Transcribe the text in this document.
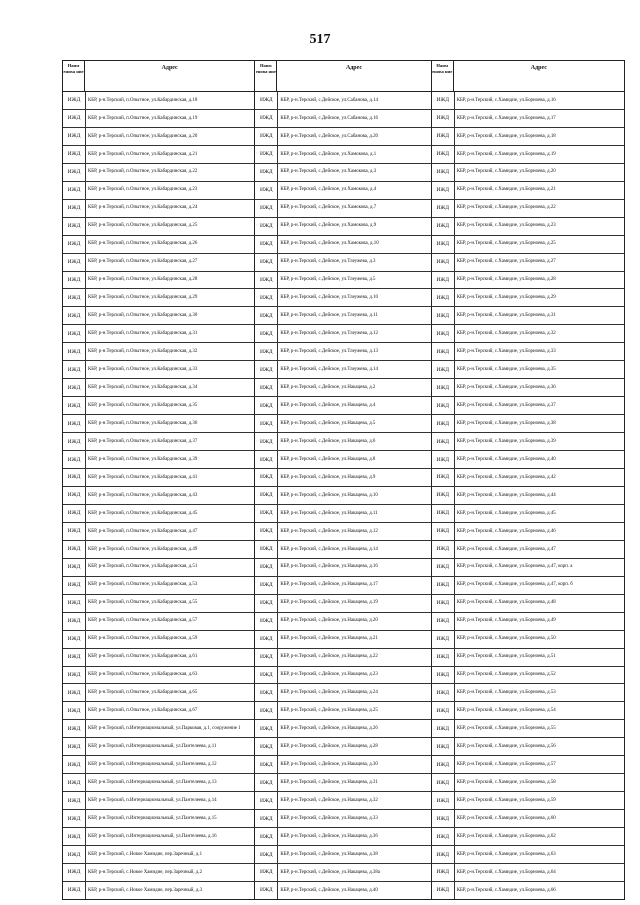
517
Наим енова ние
Адрес
ИЖД	КБР, р-н.Терский, п.Опытное, ул.Кабардинская, д.18
ИЖД	КБР, р-н.Терский, п.Опытное, ул.Кабардинская, д.19
ИЖД	КБР, р-н.Терский, п.Опытное, ул.Кабардинская, д.20
ИЖД	КБР, р-н.Терский, п.Опытное, ул.Кабардинская, д.21
ИЖД	КБР, р-н.Терский, п.Опытное, ул.Кабардинская, д.22
ИЖД	КБР, р-н.Терский, п.Опытное, ул.Кабардинская, д.23
ИЖД	КБР, р-н.Терский, п.Опытное, ул.Кабардинская, д.24
ИЖД	КБР, р-н.Терский, п.Опытное, ул.Кабардинская, д.25
ИЖД	КБР, р-н.Терский, п.Опытное, ул.Кабардинская, д.26
ИЖД	КБР, р-н.Терский, п.Опытное, ул.Кабардинская, д.27
ИЖД	КБР, р-н.Терский, п.Опытное, ул.Кабардинская, д.28
ИЖД	КБР, р-н.Терский, п.Опытное, ул.Кабардинская, д.29
ИЖД	КБР, р-н.Терский, п.Опытное, ул.Кабардинская, д.30
ИЖД	КБР, р-н.Терский, п.Опытное, ул.Кабардинская, д.31
ИЖД	КБР, р-н.Терский, п.Опытное, ул.Кабардинская, д.32
ИЖД	КБР, р-н.Терский, п.Опытное, ул.Кабардинская, д.33
ИЖД	КБР, р-н.Терский, п.Опытное, ул.Кабардинская, д.34
ИЖД	КБР, р-н.Терский, п.Опытное, ул.Кабардинская, д.35
ИЖД	КБР, р-н.Терский, п.Опытное, ул.Кабардинская, д.36
ИЖД	КБР, р-н.Терский, п.Опытное, ул.Кабардинская, д.37
ИЖД	КБР, р-н.Терский, п.Опытное, ул.Кабардинская, д.39
ИЖД	КБР, р-н.Терский, п.Опытное, ул.Кабардинская, д.41
ИЖД	КБР, р-н.Терский, п.Опытное, ул.Кабардинская, д.43
ИЖД	КБР, р-н.Терский, п.Опытное, ул.Кабардинская, д.45
ИЖД	КБР, р-н.Терский, п.Опытное, ул.Кабардинская, д.47
ИЖД	КБР, р-н.Терский, п.Опытное, ул.Кабардинская, д.49
ИЖД	КБР, р-н.Терский, п.Опытное, ул.Кабардинская, д.51
ИЖД	КБР, р-н.Терский, п.Опытное, ул.Кабардинская, д.53
ИЖД	КБР, р-н.Терский, п.Опытное, ул.Кабардинская, д.55
ИЖД	КБР, р-н.Терский, п.Опытное, ул.Кабардинская, д.57
ИЖД	КБР, р-н.Терский, п.Опытное, ул.Кабардинская, д.59
ИЖД	КБР, р-н.Терский, п.Опытное, ул.Кабардинская, д.61
ИЖД	КБР, р-н.Терский, п.Опытное, ул.Кабардинская, д.63
ИЖД	КБР, р-н.Терский, п.Опытное, ул.Кабардинская, д.65
ИЖД	КБР, р-н.Терский, п.Опытное, ул.Кабардинская, д.67
ИЖД	КБР, р-н.Терский, п.Интернациональный, ул.Парковая, д.1, сооружение 1
ИЖД	КБР, р-н.Терский, п.Интернациональный, ул.Пантелеева, д.11
ИЖД	КБР, р-н.Терский, п.Интернациональный, ул.Пантелеева, д.12
ИЖД	КБР, р-н.Терский, п.Интернациональный, ул.Пантелеева, д.13
ИЖД	КБР, р-н.Терский, п.Интернациональный, ул.Пантелеева, д.14
ИЖД	КБР, р-н.Терский, п.Интернациональный, ул.Пантелеева, д.15
ИЖД	КБР, р-н.Терский, п.Интернациональный, ул.Пантелеева, д.16
ИЖД	КБР, р-н.Терский, с.Новое Хамидие, пер.Заречный, д.1
ИЖД	КБР, р-н.Терский, с.Новое Хамидие, пер.Заречный, д.2
ИЖД	КБР, р-н.Терский, с.Новое Хамидие, пер.Заречный, д.3
Наим енова ние
Адрес
ИЖД	КБР, р-н.Терский, с.Дейское, ул.Сабанова, д.14
ИЖД	КБР, р-н.Терский, с.Дейское, ул.Сабанова, д.16
ИЖД	КБР, р-н.Терский, с.Дейское, ул.Сабанова, д.20
ИЖД	КБР, р-н.Терский, с.Дейское, ул.Хамокова, д.1
ИЖД	КБР, р-н.Терский, с.Дейское, ул.Хамокова, д.3
ИЖД	КБР, р-н.Терский, с.Дейское, ул.Хамокова, д.4
ИЖД	КБР, р-н.Терский, с.Дейское, ул.Хамокова, д.7
ИЖД	КБР, р-н.Терский, с.Дейское, ул.Хамокова, д.9
ИЖД	КБР, р-н.Терский, с.Дейское, ул.Хамокова, д.10
ИЖД	КБР, р-н.Терский, с.Дейское, ул.Тлеужева, д.3
ИЖД	КБР, р-н.Терский, с.Дейское, ул.Тлеужева, д.5
ИЖД	КБР, р-н.Терский, с.Дейское, ул.Тлеужева, д.10
ИЖД	КБР, р-н.Терский, с.Дейское, ул.Тлеужева, д.11
ИЖД	КБР, р-н.Терский, с.Дейское, ул.Тлеужева, д.12
ИЖД	КБР, р-н.Терский, с.Дейское, ул.Тлеужева, д.13
ИЖД	КБР, р-н.Терский, с.Дейское, ул.Тлеужева, д.14
ИЖД	КБР, р-н.Терский, с.Дейское, ул.Накацева, д.2
ИЖД	КБР, р-н.Терский, с.Дейское, ул.Накацева, д.4
ИЖД	КБР, р-н.Терский, с.Дейское, ул.Накацева, д.5
ИЖД	КБР, р-н.Терский, с.Дейское, ул.Накацева, д.6
ИЖД	КБР, р-н.Терский, с.Дейское, ул.Накацева, д.8
ИЖД	КБР, р-н.Терский, с.Дейское, ул.Накацева, д.9
ИЖД	КБР, р-н.Терский, с.Дейское, ул.Накацева, д.10
ИЖД	КБР, р-н.Терский, с.Дейское, ул.Накацева, д.11
ИЖД	КБР, р-н.Терский, с.Дейское, ул.Накацева, д.12
ИЖД	КБР, р-н.Терский, с.Дейское, ул.Накацева, д.14
ИЖД	КБР, р-н.Терский, с.Дейское, ул.Накацева, д.16
ИЖД	КБР, р-н.Терский, с.Дейское, ул.Накацева, д.17
ИЖД	КБР, р-н.Терский, с.Дейское, ул.Накацева, д.19
ИЖД	КБР, р-н.Терский, с.Дейское, ул.Накацева, д.20
ИЖД	КБР, р-н.Терский, с.Дейское, ул.Накацева, д.21
ИЖД	КБР, р-н.Терский, с.Дейское, ул.Накацева, д.22
ИЖД	КБР, р-н.Терский, с.Дейское, ул.Накацева, д.23
ИЖД	КБР, р-н.Терский, с.Дейское, ул.Накацева, д.24
ИЖД	КБР, р-н.Терский, с.Дейское, ул.Накацева, д.25
ИЖД	КБР, р-н.Терский, с.Дейское, ул.Накацева, д.26
ИЖД	КБР, р-н.Терский, с.Дейское, ул.Накацева, д.28
ИЖД	КБР, р-н.Терский, с.Дейское, ул.Накацева, д.30
ИЖД	КБР, р-н.Терский, с.Дейское, ул.Накацева, д.31
ИЖД	КБР, р-н.Терский, с.Дейское, ул.Накацева, д.32
ИЖД	КБР, р-н.Терский, с.Дейское, ул.Накацева, д.33
ИЖД	КБР, р-н.Терский, с.Дейское, ул.Накацева, д.36
ИЖД	КБР, р-н.Терский, с.Дейское, ул.Накацева, д.38
ИЖД	КБР, р-н.Терский, с.Дейское, ул.Накацева, д.38а
ИЖД	КБР, р-н.Терский, с.Дейское, ул.Накацева, д.40
Наим енова ние
Адрес
ИЖД	КБР, р-н.Терский, с.Хамидие, ул.Борноева, д.16
ИЖД	КБР, р-н.Терский, с.Хамидие, ул.Борноева, д.17
ИЖД	КБР, р-н.Терский, с.Хамидие, ул.Борноева, д.18
ИЖД	КБР, р-н.Терский, с.Хамидие, ул.Борноева, д.19
ИЖД	КБР, р-н.Терский, с.Хамидие, ул.Борноева, д.20
ИЖД	КБР, р-н.Терский, с.Хамидие, ул.Борноева, д.21
ИЖД	КБР, р-н.Терский, с.Хамидие, ул.Борноева, д.22
ИЖД	КБР, р-н.Терский, с.Хамидие, ул.Борноева, д.23
ИЖД	КБР, р-н.Терский, с.Хамидие, ул.Борноева, д.25
ИЖД	КБР, р-н.Терский, с.Хамидие, ул.Борноева, д.27
ИЖД	КБР, р-н.Терский, с.Хамидие, ул.Борноева, д.28
ИЖД	КБР, р-н.Терский, с.Хамидие, ул.Борноева, д.29
ИЖД	КБР, р-н.Терский, с.Хамидие, ул.Борноева, д.31
ИЖД	КБР, р-н.Терский, с.Хамидие, ул.Борноева, д.32
ИЖД	КБР, р-н.Терский, с.Хамидие, ул.Борноева, д.33
ИЖД	КБР, р-н.Терский, с.Хамидие, ул.Борноева, д.35
ИЖД	КБР, р-н.Терский, с.Хамидие, ул.Борноева, д.36
ИЖД	КБР, р-н.Терский, с.Хамидие, ул.Борноева, д.37
ИЖД	КБР, р-н.Терский, с.Хамидие, ул.Борноева, д.38
ИЖД	КБР, р-н.Терский, с.Хамидие, ул.Борноева, д.39
ИЖД	КБР, р-н.Терский, с.Хамидие, ул.Борноева, д.40
ИЖД	КБР, р-н.Терский, с.Хамидие, ул.Борноева, д.42
ИЖД	КБР, р-н.Терский, с.Хамидие, ул.Борноева, д.44
ИЖД	КБР, р-н.Терский, с.Хамидие, ул.Борноева, д.45
ИЖД	КБР, р-н.Терский, с.Хамидие, ул.Борноева, д.46
ИЖД	КБР, р-н.Терский, с.Хамидие, ул.Борноева, д.47
ИЖД	КБР, р-н.Терский, с.Хамидие, ул.Борноева, д.47, корп. а
ИЖД	КБР, р-н.Терский, с.Хамидие, ул.Борноева, д.47, корп. б
ИЖД	КБР, р-н.Терский, с.Хамидие, ул.Борноева, д.48
ИЖД	КБР, р-н.Терский, с.Хамидие, ул.Борноева, д.49
ИЖД	КБР, р-н.Терский, с.Хамидие, ул.Борноева, д.50
ИЖД	КБР, р-н.Терский, с.Хамидие, ул.Борноева, д.51
ИЖД	КБР, р-н.Терский, с.Хамидие, ул.Борноева, д.52
ИЖД	КБР, р-н.Терский, с.Хамидие, ул.Борноева, д.53
ИЖД	КБР, р-н.Терский, с.Хамидие, ул.Борноева, д.54
ИЖД	КБР, р-н.Терский, с.Хамидие, ул.Борноева, д.55
ИЖД	КБР, р-н.Терский, с.Хамидие, ул.Борноева, д.56
ИЖД	КБР, р-н.Терский, с.Хамидие, ул.Борноева, д.57
ИЖД	КБР, р-н.Терский, с.Хамидие, ул.Борноева, д.58
ИЖД	КБР, р-н.Терский, с.Хамидие, ул.Борноева, д.59
ИЖД	КБР, р-н.Терский, с.Хамидие, ул.Борноева, д.60
ИЖД	КБР, р-н.Терский, с.Хамидие, ул.Борноева, д.62
ИЖД	КБР, р-н.Терский, с.Хамидие, ул.Борноева, д.63
ИЖД	КБР, р-н.Терский, с.Хамидие, ул.Борноева, д.64
ИЖД	КБР, р-н.Терский, с.Хамидие, ул.Борноева, д.66
